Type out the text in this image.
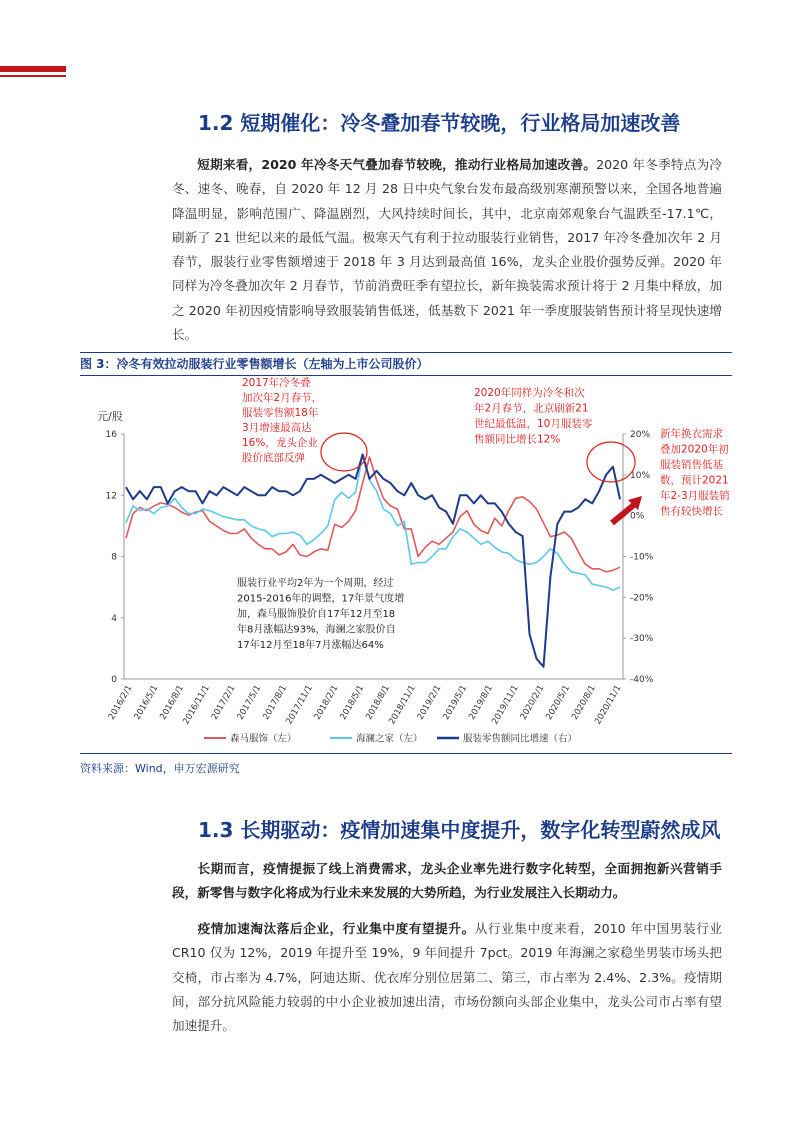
1.2 短期催化：冷冬叠加春节较晚，行业格局加速改善
短期来看，2020 年冷冬天气叠加春节较晚，推动行业格局加速改善。2020 年冬季特点为冷冬、速冬、晚春，自 2020 年 12 月 28 日中央气象台发布最高级别寒潮预警以来，全国各地普遍降温明显，影响范围广、降温剧烈，大风持续时间长，其中，北京南郊观象台气温跌至-17.1℃，刷新了 21 世纪以来的最低气温。极寒天气有利于拉动服装行业销售，2017 年冷冬叠加次年 2 月春节，服装行业零售额增速于 2018 年 3 月达到最高值 16%，龙头企业股价强势反弹。2020 年同样为冷冬叠加次年 2 月春节，节前消费旺季有望拉长，新年换装需求预计将于 2 月集中释放，加之 2020 年初因疫情影响导致服装销售低迷，低基数下 2021 年一季度服装销售预计将呈现快速增长。
图 3：冷冬有效拉动服装行业零售额增长（左轴为上市公司股价）
元/股
0
4
8
12
16
-40%
-30%
-20%
-10%
0%
10%
20%
2016/2/1
2016/5/1
2016/8/1
2016/11/1
2017/2/1
2017/5/1
2017/8/1
2017/11/1
2018/2/1
2018/5/1
2018/8/1
2018/11/1
2019/2/1
2019/5/1
2019/8/1
2019/11/1
2020/2/1
2020/5/1
2020/8/1
2020/11/1
2017年冷冬叠
加次年2月春节，
服装零售额18年
3月增速最高达
16%，龙头企业
股价底部反弹
2020年同样为冷冬和次
年2月春节，北京刷新21
世纪最低温，10月服装零
售额同比增长12%	新年换衣需求
叠加2020年初
服装销售低基
数，预计2021
年2-3月服装销
售有较快增长
服装行业平均2年为一个周期，经过
2015-2016年的调整，17年景气度增
加，森马服饰股价自17年12月至18
年8月涨幅达93%，海澜之家股价自
17年12月至18年7月涨幅达64%
森马服饰（左）	海澜之家（左）	服装零售额同比增速（右）
资料来源：Wind，申万宏源研究
1.3 长期驱动：疫情加速集中度提升，数字化转型蔚然成风
长期而言，疫情提振了线上消费需求，龙头企业率先进行数字化转型，全面拥抱新兴营销手段，新零售与数字化将成为行业未来发展的大势所趋，为行业发展注入长期动力。
疫情加速淘汰落后企业，行业集中度有望提升。从行业集中度来看，2010 年中国男装行业 CR10 仅为 12%，2019 年提升至 19%，9 年间提升 7pct。2019 年海澜之家稳坐男装市场头把交椅，市占率为 4.7%，阿迪达斯、优衣库分别位居第二、第三，市占率为 2.4%、2.3%。疫情期间，部分抗风险能力较弱的中小企业被加速出清，市场份额向头部企业集中，龙头公司市占率有望加速提升。
